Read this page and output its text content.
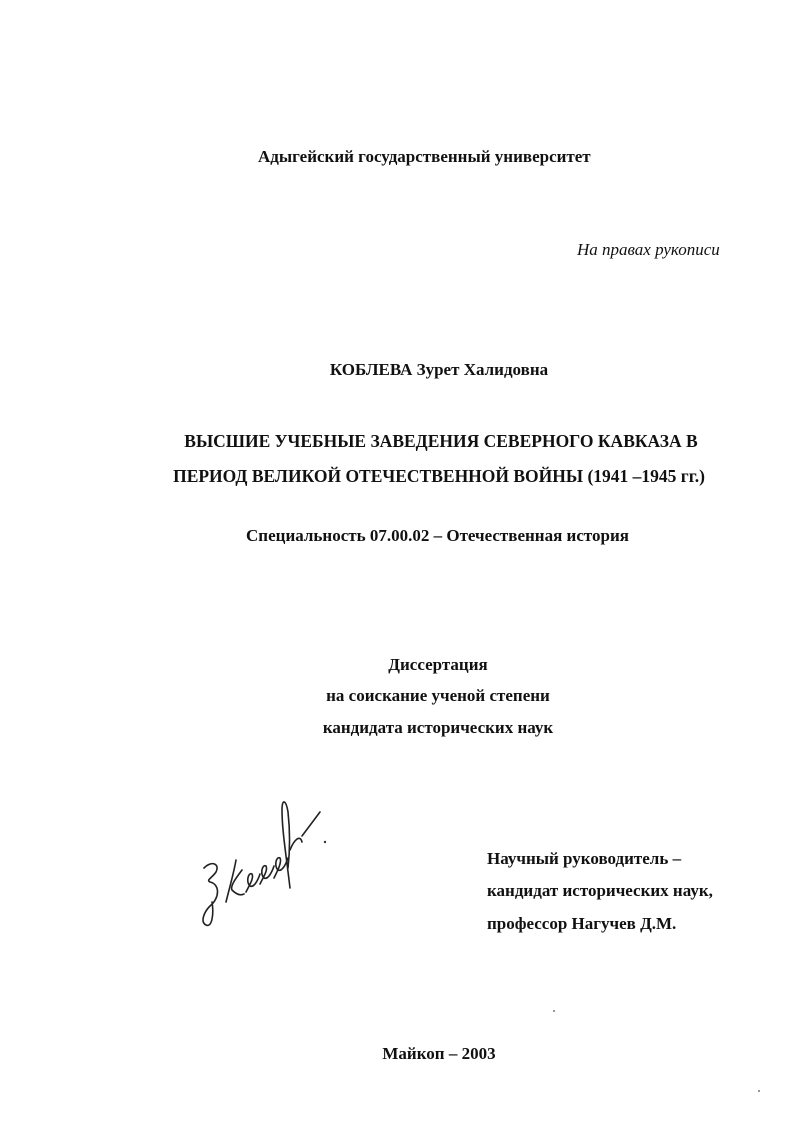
Адыгейский государственный университет
На правах рукописи
КОБЛЕВА Зурет Халидовна
ВЫСШИЕ УЧЕБНЫЕ ЗАВЕДЕНИЯ СЕВЕРНОГО КАВКАЗА В
ПЕРИОД ВЕЛИКОЙ ОТЕЧЕСТВЕННОЙ ВОЙНЫ (1941 –1945 гг.)
Специальность 07.00.02 – Отечественная история
Диссертация
на соискание ученой степени
кандидата исторических наук
Научный руководитель –
кандидат исторических наук,
профессор Нагучев Д.М.
Майкоп – 2003
